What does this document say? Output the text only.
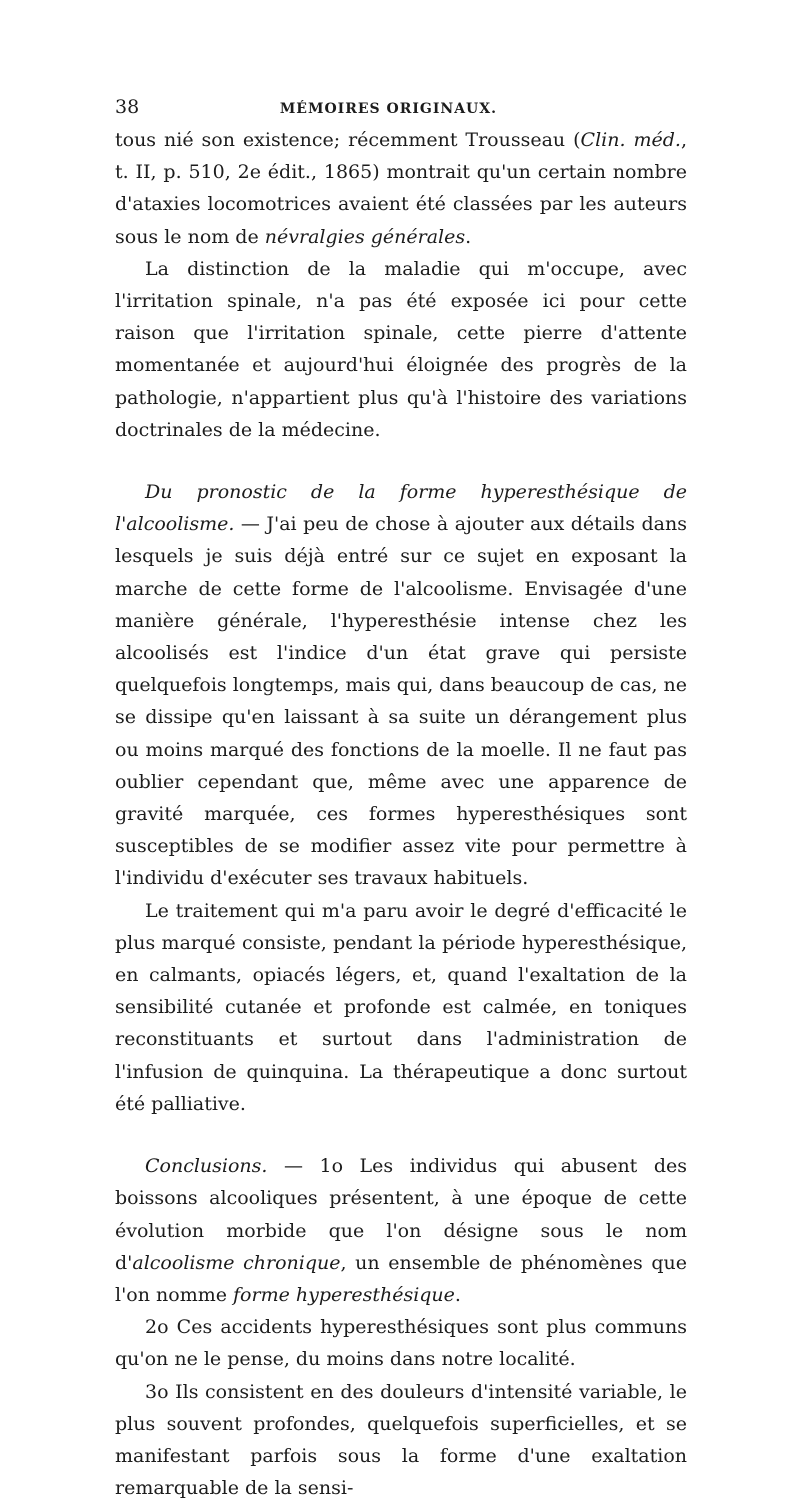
38	MÉMOIRES ORIGINAUX.

tous nié son existence; récemment Trousseau (Clin. méd., t. II, p. 510, 2e édit., 1865) montrait qu'un certain nombre d'ataxies locomotrices avaient été classées par les auteurs sous le nom de névralgies générales.

La distinction de la maladie qui m'occupe, avec l'irritation spinale, n'a pas été exposée ici pour cette raison que l'irritation spinale, cette pierre d'attente momentanée et aujourd'hui éloignée des progrès de la pathologie, n'appartient plus qu'à l'histoire des variations doctrinales de la médecine.

Du pronostic de la forme hyperesthésique de l'alcoolisme. — J'ai peu de chose à ajouter aux détails dans lesquels je suis déjà entré sur ce sujet en exposant la marche de cette forme de l'alcoolisme. Envisagée d'une manière générale, l'hyperesthésie intense chez les alcoolisés est l'indice d'un état grave qui persiste quelquefois longtemps, mais qui, dans beaucoup de cas, ne se dissipe qu'en laissant à sa suite un dérangement plus ou moins marqué des fonctions de la moelle. Il ne faut pas oublier cependant que, même avec une apparence de gravité marquée, ces formes hyperesthésiques sont susceptibles de se modifier assez vite pour permettre à l'individu d'exécuter ses travaux habituels.

Le traitement qui m'a paru avoir le degré d'efficacité le plus marqué consiste, pendant la période hyperesthésique, en calmants, opiacés légers, et, quand l'exaltation de la sensibilité cutanée et profonde est calmée, en toniques reconstituants et surtout dans l'administration de l'infusion de quinquina. La thérapeutique a donc surtout été palliative.

Conclusions. — 1o Les individus qui abusent des boissons alcooliques présentent, à une époque de cette évolution morbide que l'on désigne sous le nom d'alcoolisme chronique, un ensemble de phénomènes que l'on nomme forme hyperesthésique.

2o Ces accidents hyperesthésiques sont plus communs qu'on ne le pense, du moins dans notre localité.

3o Ils consistent en des douleurs d'intensité variable, le plus souvent profondes, quelquefois superficielles, et se manifestant parfois sous la forme d'une exaltation remarquable de la sensi-
